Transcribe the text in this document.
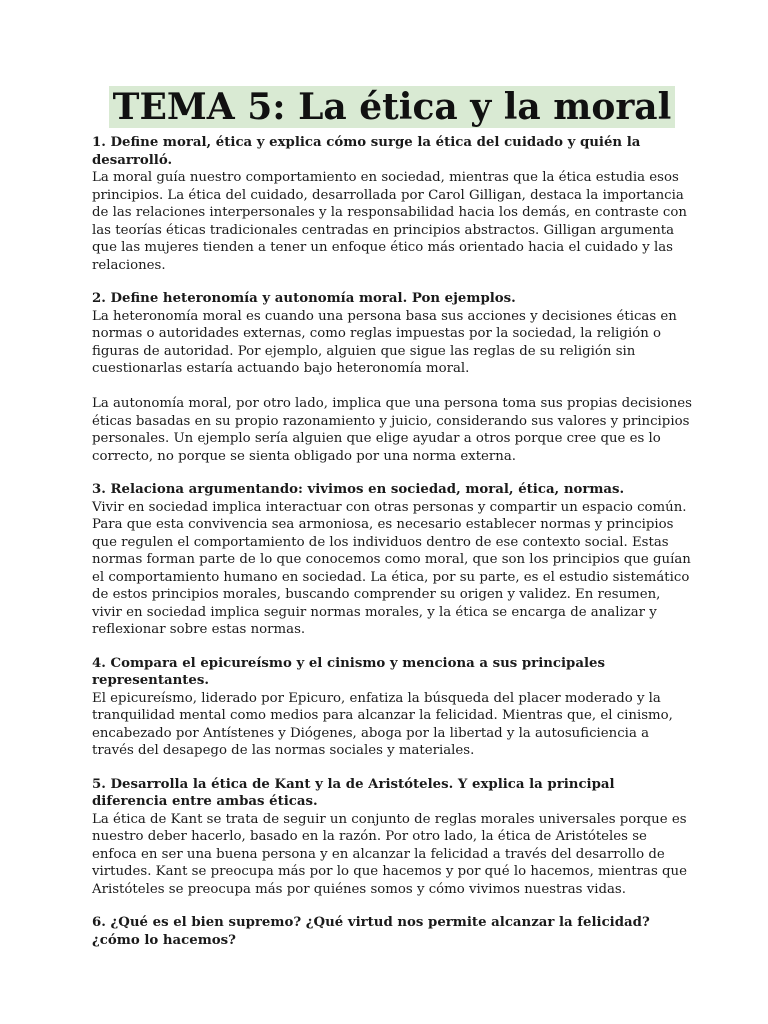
TEMA 5: La ética y la moral

1. Define moral, ética y explica cómo surge la ética del cuidado y quién la desarrolló.

La moral guía nuestro comportamiento en sociedad, mientras que la ética estudia esos principios. La ética del cuidado, desarrollada por Carol Gilligan, destaca la importancia de las relaciones interpersonales y la responsabilidad hacia los demás, en contraste con las teorías éticas tradicionales centradas en principios abstractos. Gilligan argumenta que las mujeres tienden a tener un enfoque ético más orientado hacia el cuidado y las relaciones.

2. Define heteronomía y autonomía moral. Pon ejemplos.

La heteronomía moral es cuando una persona basa sus acciones y decisiones éticas en normas o autoridades externas, como reglas impuestas por la sociedad, la religión o figuras de autoridad. Por ejemplo, alguien que sigue las reglas de su religión sin cuestionarlas estaría actuando bajo heteronomía moral.

La autonomía moral, por otro lado, implica que una persona toma sus propias decisiones éticas basadas en su propio razonamiento y juicio, considerando sus valores y principios personales. Un ejemplo sería alguien que elige ayudar a otros porque cree que es lo correcto, no porque se sienta obligado por una norma externa.

3. Relaciona argumentando: vivimos en sociedad, moral, ética, normas.

Vivir en sociedad implica interactuar con otras personas y compartir un espacio común. Para que esta convivencia sea armoniosa, es necesario establecer normas y principios que regulen el comportamiento de los individuos dentro de ese contexto social. Estas normas forman parte de lo que conocemos como moral, que son los principios que guían el comportamiento humano en sociedad. La ética, por su parte, es el estudio sistemático de estos principios morales, buscando comprender su origen y validez. En resumen, vivir en sociedad implica seguir normas morales, y la ética se encarga de analizar y reflexionar sobre estas normas.

4. Compara el epicureísmo y el cinismo y menciona a sus principales representantes.

El epicureísmo, liderado por Epicuro, enfatiza la búsqueda del placer moderado y la tranquilidad mental como medios para alcanzar la felicidad. Mientras que, el cinismo, encabezado por Antístenes y Diógenes, aboga por la libertad y la autosuficiencia a través del desapego de las normas sociales y materiales.

5. Desarrolla la ética de Kant y la de Aristóteles. Y explica la principal diferencia entre ambas éticas.

La ética de Kant se trata de seguir un conjunto de reglas morales universales porque es nuestro deber hacerlo, basado en la razón. Por otro lado, la ética de Aristóteles se enfoca en ser una buena persona y en alcanzar la felicidad a través del desarrollo de virtudes. Kant se preocupa más por lo que hacemos y por qué lo hacemos, mientras que Aristóteles se preocupa más por quiénes somos y cómo vivimos nuestras vidas.

6. ¿Qué es el bien supremo? ¿Qué virtud nos permite alcanzar la felicidad? ¿cómo lo hacemos?
